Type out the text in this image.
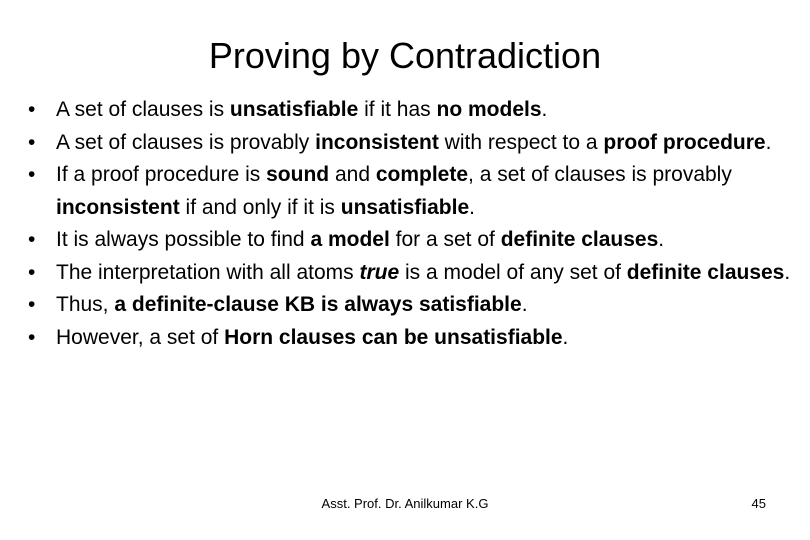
Proving by Contradiction
• A set of clauses is unsatisfiable if it has no models.
• A set of clauses is provably inconsistent with respect to a proof procedure.
• If a proof procedure is sound and complete, a set of clauses is provably inconsistent if and only if it is unsatisfiable.
• It is always possible to find a model for a set of definite clauses.
• The interpretation with all atoms true is a model of any set of definite clauses.
• Thus, a definite-clause KB is always satisfiable.
• However, a set of Horn clauses can be unsatisfiable.
Asst. Prof. Dr. Anilkumar K.G	45
